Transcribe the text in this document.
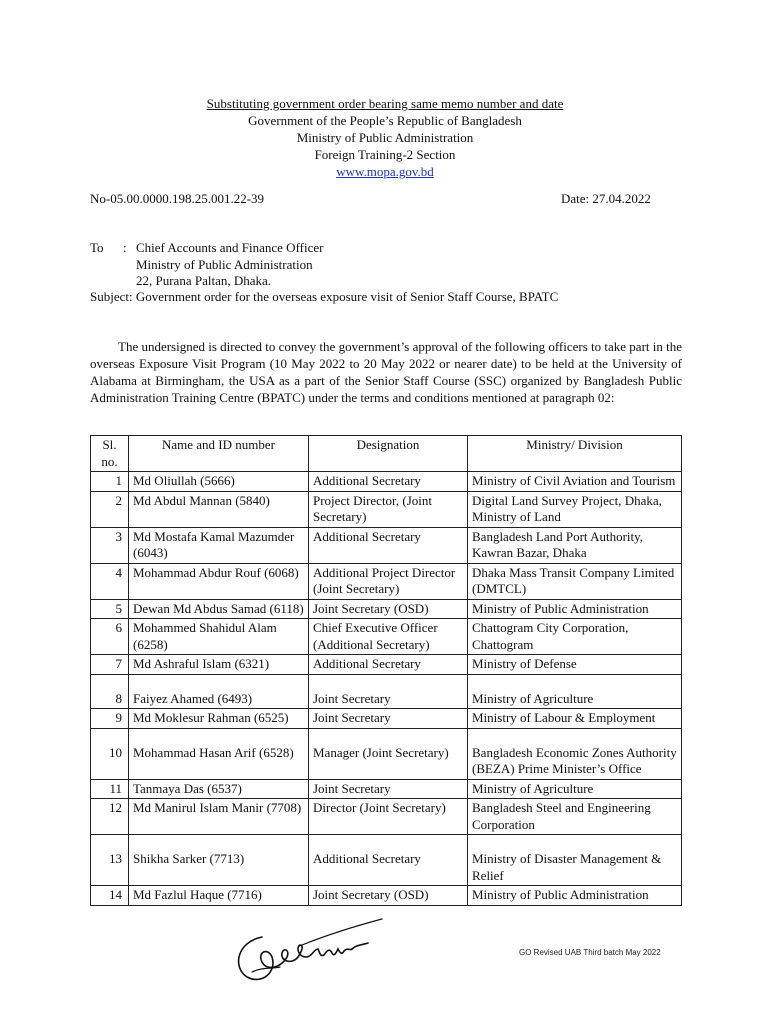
Substituting government order bearing same memo number and date
Government of the People’s Republic of Bangladesh
Ministry of Public Administration
Foreign Training-2 Section
www.mopa.gov.bd
No-05.00.0000.198.25.001.22-39	Date: 27.04.2022
To : Chief Accounts and Finance Officer
Ministry of Public Administration
22, Purana Paltan, Dhaka.
Subject: Government order for the overseas exposure visit of Senior Staff Course, BPATC
The undersigned is directed to convey the government’s approval of the following officers to take part in the overseas Exposure Visit Program (10 May 2022 to 20 May 2022 or nearer date) to be held at the University of Alabama at Birmingham, the USA as a part of the Senior Staff Course (SSC) organized by Bangladesh Public Administration Training Centre (BPATC) under the terms and conditions mentioned at paragraph 02:
Sl. no.	Name and ID number	Designation	Ministry/ Division
1	Md Oliullah (5666)	Additional Secretary	Ministry of Civil Aviation and Tourism
2	Md Abdul Mannan (5840)	Project Director, (Joint Secretary)	Digital Land Survey Project, Dhaka, Ministry of Land
3	Md Mostafa Kamal Mazumder (6043)	Additional Secretary	Bangladesh Land Port Authority, Kawran Bazar, Dhaka
4	Mohammad Abdur Rouf (6068)	Additional Project Director (Joint Secretary)	Dhaka Mass Transit Company Limited (DMTCL)
5	Dewan Md Abdus Samad (6118)	Joint Secretary (OSD)	Ministry of Public Administration
6	Mohammed Shahidul Alam (6258)	Chief Executive Officer (Additional Secretary)	Chattogram City Corporation, Chattogram
7	Md Ashraful Islam (6321)	Additional Secretary	Ministry of Defense
8	Faiyez Ahamed (6493)	Joint Secretary	Ministry of Agriculture
9	Md Moklesur Rahman (6525)	Joint Secretary	Ministry of Labour & Employment
10	Mohammad Hasan Arif (6528)	Manager (Joint Secretary)	Bangladesh Economic Zones Authority (BEZA) Prime Minister’s Office
11	Tanmaya Das (6537)	Joint Secretary	Ministry of Agriculture
12	Md Manirul Islam Manir (7708)	Director (Joint Secretary)	Bangladesh Steel and Engineering Corporation
13	Shikha Sarker (7713)	Additional Secretary	Ministry of Disaster Management & Relief
14	Md Fazlul Haque (7716)	Joint Secretary (OSD)	Ministry of Public Administration
GO Revised UAB Third batch May 2022
